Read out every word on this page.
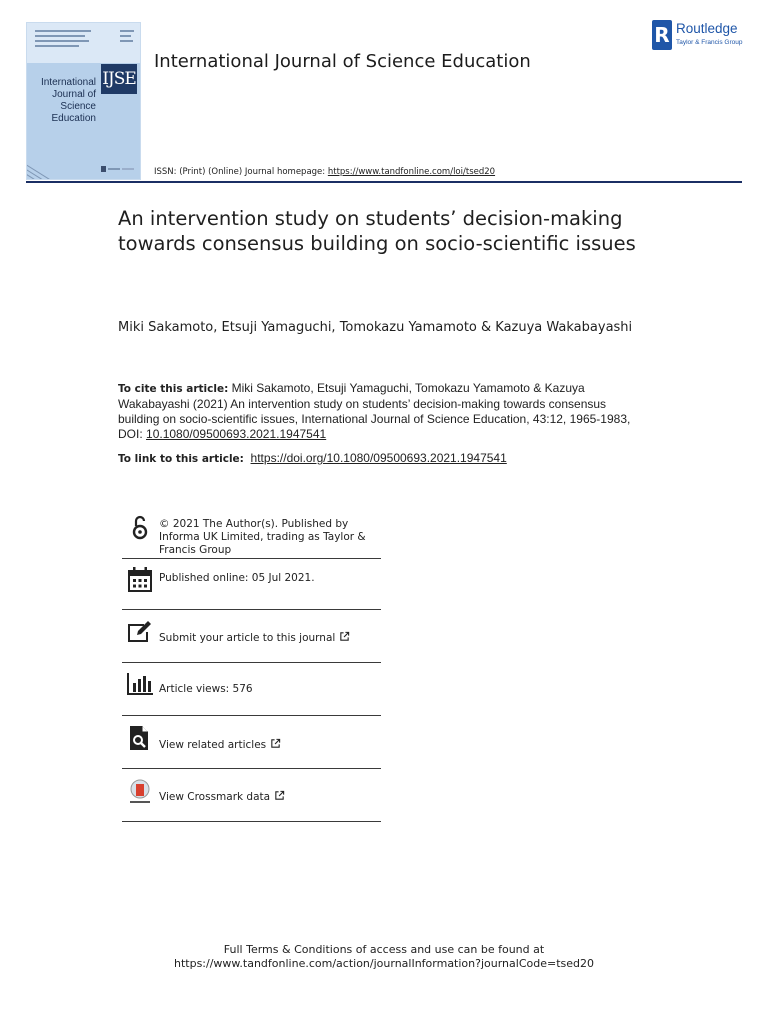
IJSE
International
Journal of
Science
Education
International Journal of Science Education
ISSN: (Print) (Online) Journal homepage: https://www.tandfonline.com/loi/tsed20
R Routledge
Taylor & Francis Group
An intervention study on students’ decision-making towards consensus building on socio-scientific issues
Miki Sakamoto, Etsuji Yamaguchi, Tomokazu Yamamoto & Kazuya Wakabayashi
To cite this article: Miki Sakamoto, Etsuji Yamaguchi, Tomokazu Yamamoto & Kazuya Wakabayashi (2021) An intervention study on students’ decision-making towards consensus building on socio-scientific issues, International Journal of Science Education, 43:12, 1965-1983, DOI: 10.1080/09500693.2021.1947541
To link to this article: https://doi.org/10.1080/09500693.2021.1947541
© 2021 The Author(s). Published by Informa UK Limited, trading as Taylor & Francis Group
Published online: 05 Jul 2021.
Submit your article to this journal
Article views: 576
View related articles
View Crossmark data
Full Terms & Conditions of access and use can be found at
https://www.tandfonline.com/action/journalInformation?journalCode=tsed20
